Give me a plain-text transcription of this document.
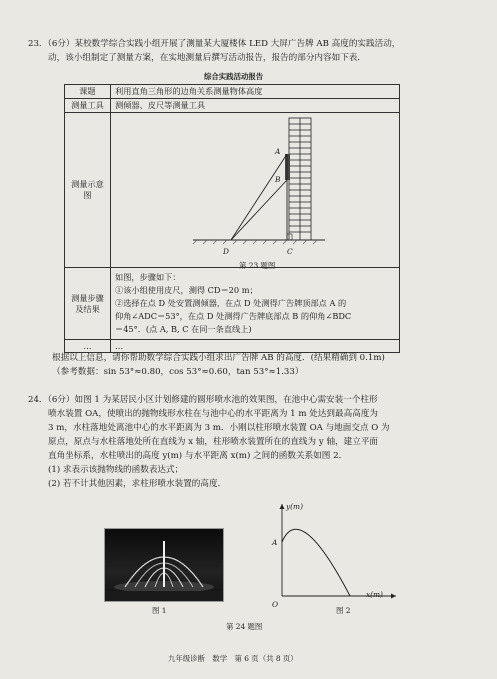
23．（6分）某校数学综合实践小组开展了测量某大厦楼体 LED 大屏广告牌 AB 高度的实践活动，
动，该小组制定了测量方案，在实地测量后撰写活动报告，报告的部分内容如下表．
综合实践活动报告
课题	利用直角三角形的边角关系测量物体高度
测量工具	测倾器、皮尺等测量工具
测量示意图	A
B
C
D
第 23 题图

测量步骤及结果	如图，步骤如下：
①该小组使用皮尺，测得 CD＝20 m；
②选择在点 D 处安置测倾器，在点 D 处测得广告牌顶部点 A 的
仰角∠ADC＝53°，在点 D 处测得广告牌底部点 B 的仰角∠BDC
＝45°．(点 A, B, C 在同一条直线上)

…	…
根据以上信息，请你帮助数学综合实践小组求出广告牌 AB 的高度．(结果精确到 0.1m)
（参考数据：sin 53°≈0.80，cos 53°≈0.60，tan 53°≈1.33）
24．（6分）如图 1 为某居民小区计划修建的圆形喷水池的效果图，在池中心需安装一个柱形
喷水装置 OA，使喷出的抛物线形水柱在与池中心的水平距离为 1 m 处达到最高高度为
3 m，水柱落地处离池中心的水平距离为 3 m．小刚以柱形喷水装置 OA 与地面交点 O 为
原点，原点与水柱落地处所在直线为 x 轴，柱形喷水装置所在的直线为 y 轴，建立平面
直角坐标系，水柱喷出的高度 y(m) 与水平距离 x(m) 之间的函数关系如图 2．
(1) 求表示该抛物线的函数表达式；
(2) 若不计其他因素，求柱形喷水装置的高度．
图 1
y(m)
x(m)
A
O
图 2
第 24 题图
九年级诊断　数学　第 6 页（共 8 页）
